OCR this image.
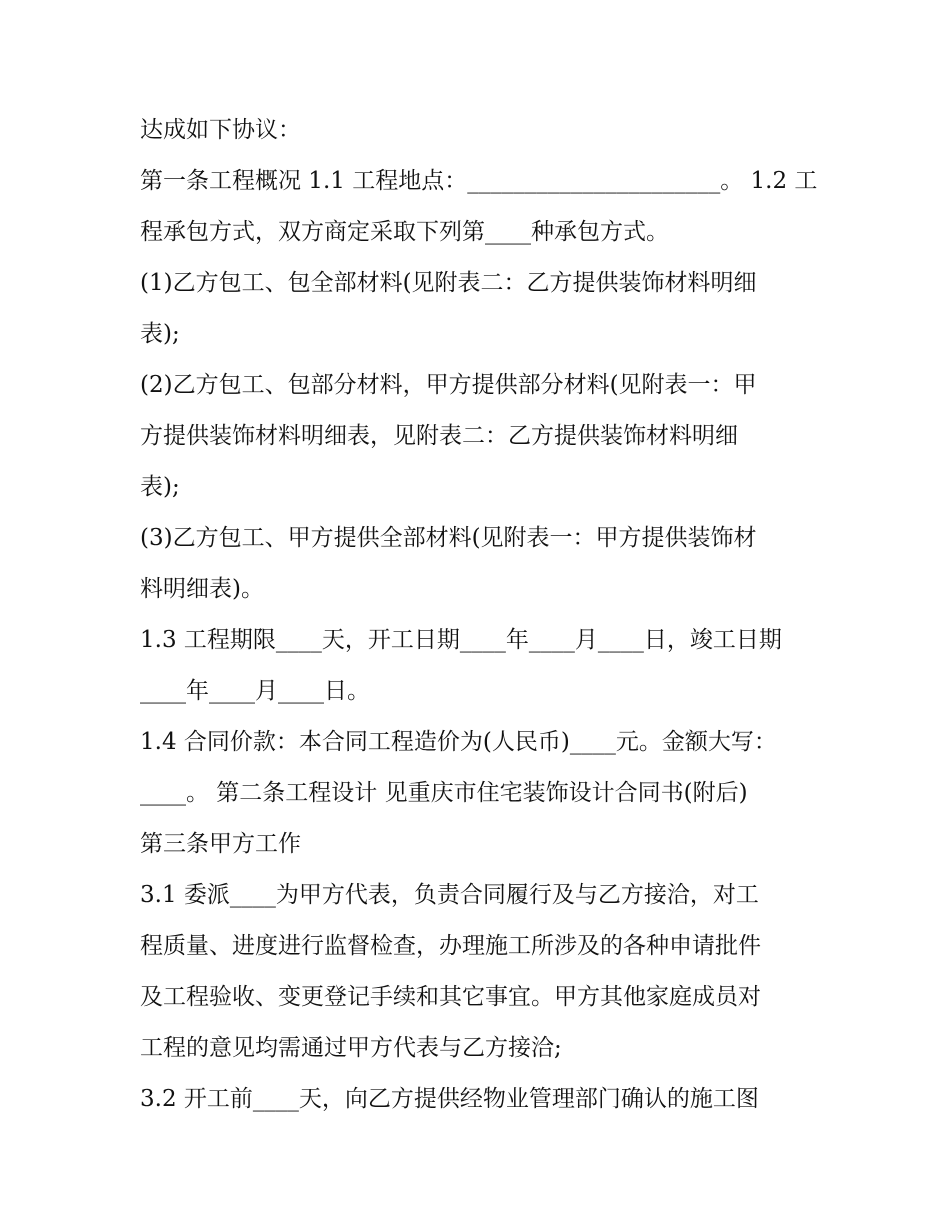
达成如下协议：
第一条工程概况 1.1 工程地点：______________________。 1.2 工
程承包方式，双方商定采取下列第____种承包方式。
(1)乙方包工、包全部材料(见附表二：乙方提供装饰材料明细
表);
(2)乙方包工、包部分材料，甲方提供部分材料(见附表一：甲
方提供装饰材料明细表，见附表二：乙方提供装饰材料明细
表);
(3)乙方包工、甲方提供全部材料(见附表一：甲方提供装饰材
料明细表)。
1.3 工程期限____天，开工日期____年____月____日，竣工日期
____年____月____日。
1.4 合同价款：本合同工程造价为(人民币)____元。金额大写：
____。 第二条工程设计 见重庆市住宅装饰设计合同书(附后)
第三条甲方工作
3.1 委派____为甲方代表，负责合同履行及与乙方接洽，对工
程质量、进度进行监督检查，办理施工所涉及的各种申请批件
及工程验收、变更登记手续和其它事宜。甲方其他家庭成员对
工程的意见均需通过甲方代表与乙方接洽;
3.2 开工前____天，向乙方提供经物业管理部门确认的施工图
